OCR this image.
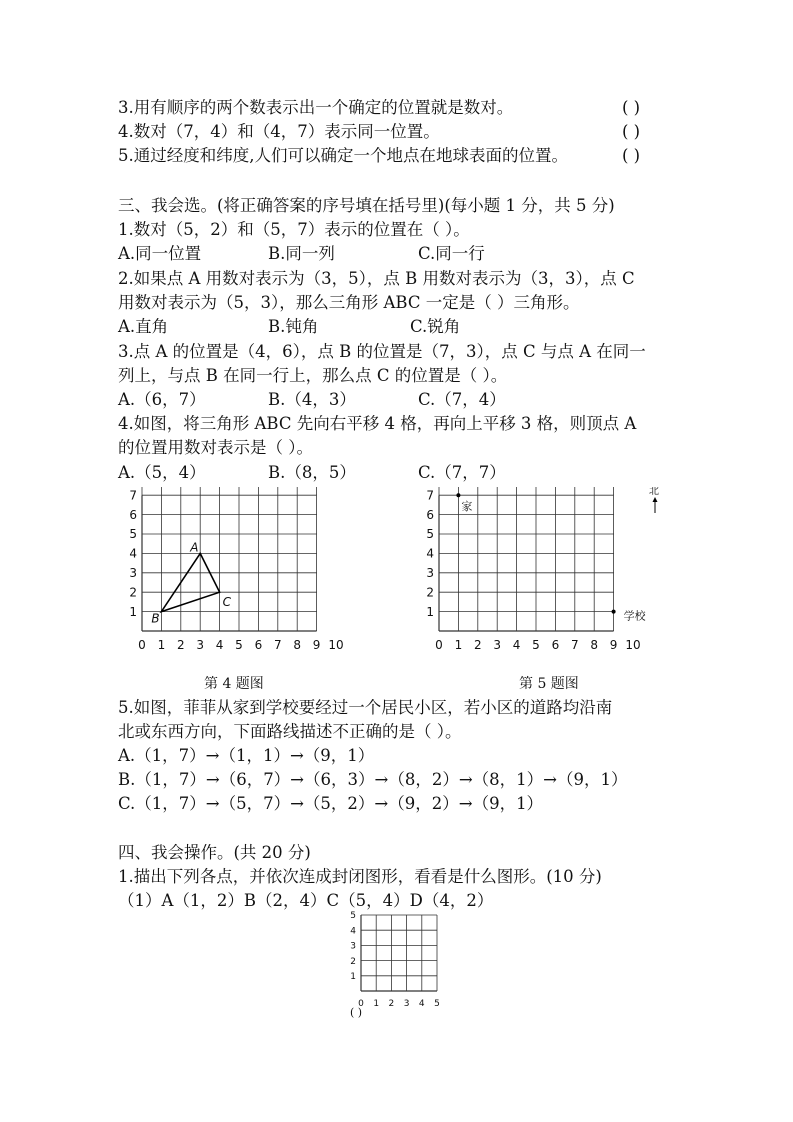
3.用有顺序的两个数表示出一个确定的位置就是数对。	( )
4.数对（7，4）和（4，7）表示同一位置。	( )
5.通过经度和纬度,人们可以确定一个地点在地球表面的位置。	( )
三、我会选。(将正确答案的序号填在括号里)(每小题 1 分，共 5 分)
1.数对（5，2）和（5，7）表示的位置在（ ）。
A.同一位置	B.同一列	C.同一行
2.如果点 A 用数对表示为（3，5），点 B 用数对表示为（3，3），点 C
用数对表示为（5，3），那么三角形 ABC 一定是（ ）三角形。
A.直角	B.钝角	C.锐角
3.点 A 的位置是（4，6），点 B 的位置是（7，3），点 C 与点 A 在同一
列上，与点 B 在同一行上，那么点 C 的位置是（ ）。
A.（6，7）	B.（4，3）	C.（7，4）
4.如图，将三角形 ABC 先向右平移 4 格，再向上平移 3 格，则顶点 A
的位置用数对表示是（ ）。
A.（5，4）	B.（8，5）	C.（7，7）
0 1 2 3 4 5 6 7 8 9 10
1
2
3
4
5
6
7
A
B
C
第 4 题图
0 1 2 3 4 5 6 7 8 9 10
1
2
3
4
5
6
7
家
学校
北
第 5 题图
5.如图，菲菲从家到学校要经过一个居民小区，若小区的道路均沿南
北或东西方向，下面路线描述不正确的是（ ）。
A.（1，7）→（1，1）→（9，1）
B.（1，7）→（6，7）→（6，3）→（8，2）→（8，1）→（9，1）
C.（1，7）→（5，7）→（5，2）→（9，2）→（9，1）
四、我会操作。(共 20 分)
1.描出下列各点，并依次连成封闭图形，看看是什么图形。(10 分)
（1）A（1，2）B（2，4）C（5，4）D（4，2）
0 1 2 3 4 5
1
2
3
4
5
( )
